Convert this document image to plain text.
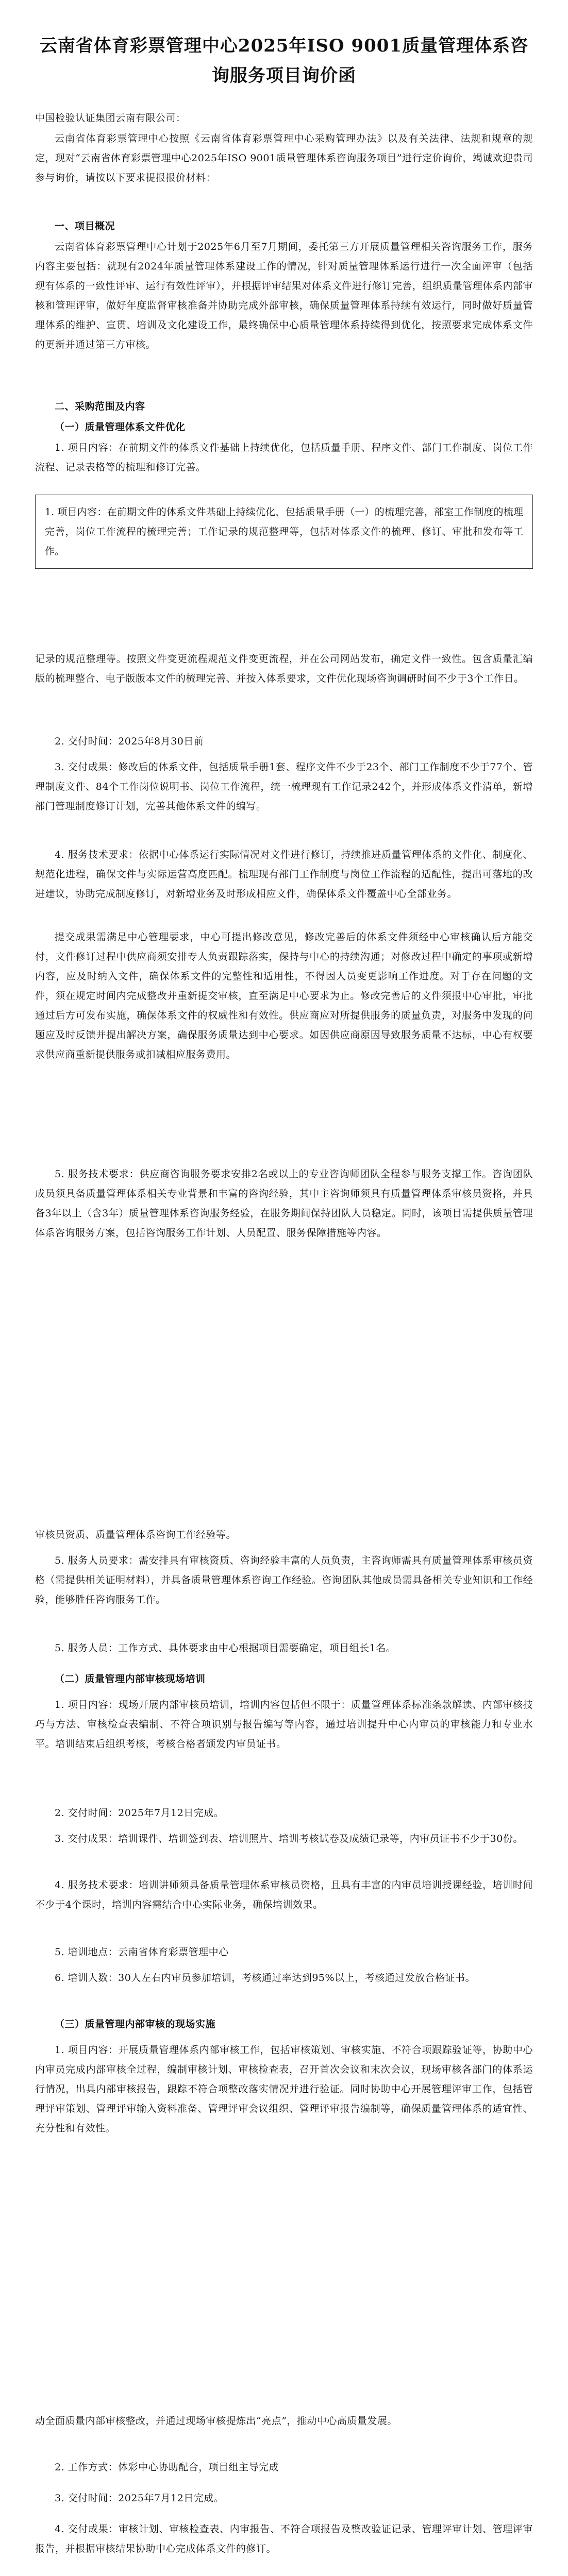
云南省体育彩票管理中心2025年ISO 9001质量管理体系咨询服务项目询价函
中国检验认证集团云南有限公司：
云南省体育彩票管理中心按照《云南省体育彩票管理中心采购管理办法》以及有关法律、法规和规章的规定，现对“云南省体育彩票管理中心2025年ISO 9001质量管理体系咨询服务项目”进行定价询价，竭诚欢迎贵司参与询价，请按以下要求提报报价材料：
一、项目概况
云南省体育彩票管理中心计划于2025年6月至7月期间，委托第三方开展质量管理相关咨询服务工作，服务内容主要包括：就现有2024年质量管理体系建设工作的情况，针对质量管理体系运行进行一次全面评审（包括现有体系的一致性评审、运行有效性评审），并根据评审结果对体系文件进行修订完善，组织质量管理体系内部审核和管理评审，做好年度监督审核准备并协助完成外部审核，确保质量管理体系持续有效运行，同时做好质量管理体系的维护、宣贯、培训及文化建设工作，最终确保中心质量管理体系持续得到优化，按照要求完成体系文件的更新并通过第三方审核。
二、采购范围及内容
（一）质量管理体系文件优化
1. 项目内容：在前期文件的体系文件基础上持续优化，包括质量手册、程序文件、部门工作制度、岗位工作流程、记录表格等的梳理和修订完善。
1. 项目内容：在前期文件的体系文件基础上持续优化，包括质量手册（一）的梳理完善，部室工作制度的梳理完善，岗位工作流程的梳理完善；工作记录的规范整理等，包括对体系文件的梳理、修订、审批和发布等工作。
记录的规范整理等。按照文件变更流程规范文件变更流程，并在公司网站发布，确定文件一致性。包含质量汇编版的梳理整合、电子版版本文件的梳理完善、并按入体系要求，文件优化现场咨询调研时间不少于3个工作日。
2. 交付时间：2025年8月30日前
3. 交付成果：修改后的体系文件，包括质量手册1套、程序文件不少于23个、部门工作制度不少于77个、管理制度文件、84个工作岗位说明书、岗位工作流程，统一梳理现有工作记录242个，并形成体系文件清单，新增部门管理制度修订计划，完善其他体系文件的编写。
4. 服务技术要求：依据中心体系运行实际情况对文件进行修订，持续推进质量管理体系的文件化、制度化、规范化进程，确保文件与实际运营高度匹配。梳理现有部门工作制度与岗位工作流程的适配性，提出可落地的改进建议，协助完成制度修订，对新增业务及时形成相应文件，确保体系文件覆盖中心全部业务。
提交成果需满足中心管理要求，中心可提出修改意见，修改完善后的体系文件须经中心审核确认后方能交付，文件修订过程中供应商须安排专人负责跟踪落实，保持与中心的持续沟通；对修改过程中确定的事项或新增内容，应及时纳入文件，确保体系文件的完整性和适用性，不得因人员变更影响工作进度。对于存在问题的文件，须在规定时间内完成整改并重新提交审核，直至满足中心要求为止。修改完善后的文件须报中心审批，审批通过后方可发布实施，确保体系文件的权威性和有效性。供应商应对所提供服务的质量负责，对服务中发现的问题应及时反馈并提出解决方案，确保服务质量达到中心要求。如因供应商原因导致服务质量不达标，中心有权要求供应商重新提供服务或扣减相应服务费用。
5. 服务技术要求：供应商咨询服务要求安排2名或以上的专业咨询师团队全程参与服务支撑工作。咨询团队成员须具备质量管理体系相关专业背景和丰富的咨询经验，其中主咨询师须具有质量管理体系审核员资格，并具备3年以上（含3年）质量管理体系咨询服务经验，在服务期间保持团队人员稳定。同时，该项目需提供质量管理体系咨询服务方案，包括咨询服务工作计划、人员配置、服务保障措施等内容。
审核员资质、质量管理体系咨询工作经验等。
5. 服务人员要求：需安排具有审核资质、咨询经验丰富的人员负责，主咨询师需具有质量管理体系审核员资格（需提供相关证明材料），并具备质量管理体系咨询工作经验。咨询团队其他成员需具备相关专业知识和工作经验，能够胜任咨询服务工作。
5. 服务人员：工作方式、具体要求由中心根据项目需要确定，项目组长1名。
（二）质量管理内部审核现场培训
1. 项目内容：现场开展内部审核员培训，培训内容包括但不限于：质量管理体系标准条款解读、内部审核技巧与方法、审核检查表编制、不符合项识别与报告编写等内容，通过培训提升中心内审员的审核能力和专业水平。培训结束后组织考核，考核合格者颁发内审员证书。
2. 交付时间：2025年7月12日完成。
3. 交付成果：培训课件、培训签到表、培训照片、培训考核试卷及成绩记录等，内审员证书不少于30份。
4. 服务技术要求：培训讲师须具备质量管理体系审核员资格，且具有丰富的内审员培训授课经验，培训时间不少于4个课时，培训内容需结合中心实际业务，确保培训效果。
5. 培训地点：云南省体育彩票管理中心
6. 培训人数：30人左右内审员参加培训，考核通过率达到95%以上，考核通过发放合格证书。
（三）质量管理内部审核的现场实施
1. 项目内容：开展质量管理体系内部审核工作，包括审核策划、审核实施、不符合项跟踪验证等，协助中心内审员完成内部审核全过程，编制审核计划、审核检查表，召开首次会议和末次会议，现场审核各部门的体系运行情况，出具内部审核报告，跟踪不符合项整改落实情况并进行验证。同时协助中心开展管理评审工作，包括管理评审策划、管理评审输入资料准备、管理评审会议组织、管理评审报告编制等，确保质量管理体系的适宜性、充分性和有效性。
动全面质量内部审核整改，并通过现场审核提炼出“亮点”，推动中心高质量发展。
2. 工作方式：体彩中心协助配合，项目组主导完成
3. 交付时间：2025年7月12日完成。
4. 交付成果：审核计划、审核检查表、内审报告、不符合项报告及整改验证记录、管理评审计划、管理评审报告，并根据审核结果协助中心完成体系文件的修订。
